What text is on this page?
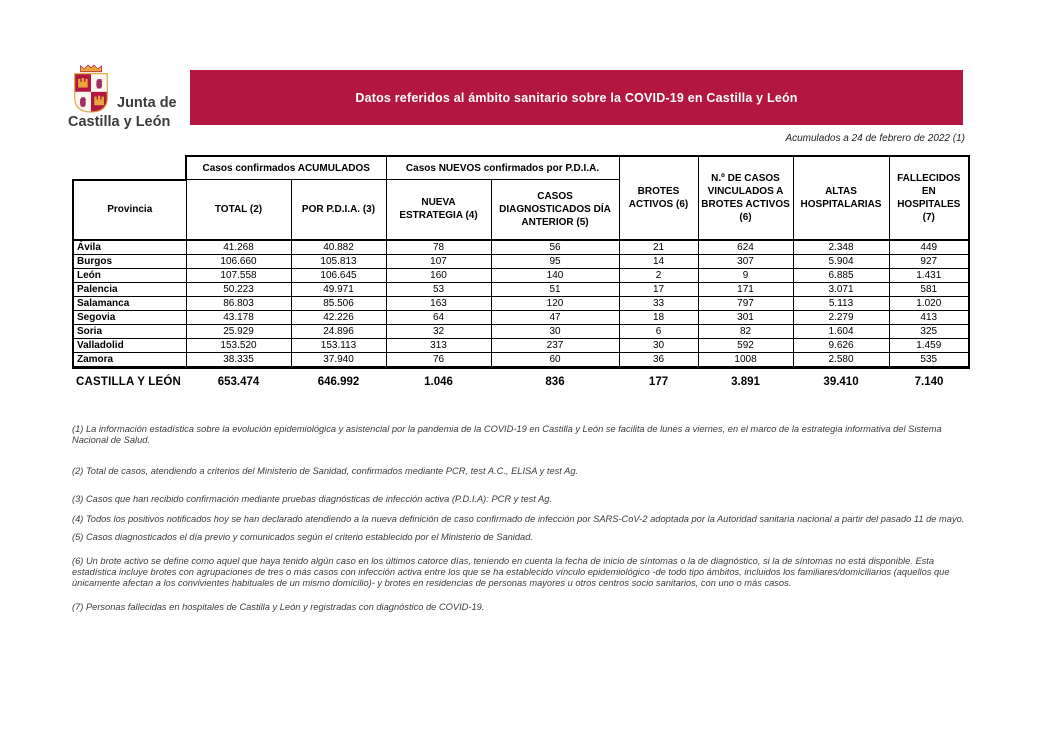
Junta de
Castilla y León
Datos referidos al ámbito sanitario sobre la COVID-19 en Castilla y León
Acumulados a 24 de febrero de 2022 (1)
	Casos confirmados ACUMULADOS		Casos NUEVOS confirmados por P.D.I.A.		BROTES ACTIVOS (6)	N.º DE CASOS VINCULADOS A BROTES ACTIVOS (6)	ALTAS HOSPITALARIAS	FALLECIDOS EN HOSPITALES (7)
Provincia	TOTAL (2)	POR P.D.I.A. (3)	NUEVA ESTRATEGIA (4)	CASOS DIAGNOSTICADOS DÍA ANTERIOR (5)				
Ávila	41.268	40.882	78	56	21	624	2.348	449
Burgos	106.660	105.813	107	95	14	307	5.904	927
León	107.558	106.645	160	140	2	9	6.885	1.431
Palencia	50.223	49.971	53	51	17	171	3.071	581
Salamanca	86.803	85.506	163	120	33	797	5.113	1.020
Segovia	43.178	42.226	64	47	18	301	2.279	413
Soria	25.929	24.896	32	30	6	82	1.604	325
Valladolid	153.520	153.113	313	237	30	592	9.626	1.459
Zamora	38.335	37.940	76	60	36	1008	2.580	535
CASTILLA Y LEÓN	653.474	646.992	1.046	836	177	3.891	39.410	7.140

(1) La información estadística sobre la evolución epidemiológica y asistencial por la pandemia de la COVID-19 en Castilla y León se facilita de lunes a viernes, en el marco de la estrategia informativa del Sistema Nacional de Salud.

(2) Total de casos, atendiendo a criterios del Ministerio de Sanidad, confirmados mediante PCR, test A.C., ELISA y test Ag.

(3) Casos que han recibido confirmación mediante pruebas diagnósticas de infección activa (P.D.I.A): PCR y test Ag.

(4) Todos los positivos notificados hoy se han declarado atendiendo a la nueva definición de caso confirmado de infección por SARS-CoV-2 adoptada por la Autoridad sanitaria nacional a partir del pasado 11 de mayo.

(5) Casos diagnosticados el día previo y comunicados según el criterio establecido por el Ministerio de Sanidad.

(6) Un brote activo se define como aquel que haya tenido algún caso en los últimos catorce días, teniendo en cuenta la fecha de inicio de síntomas o la de diagnóstico, si la de síntomas no está disponible. Esta estadística incluye brotes con agrupaciones de tres o más casos con infección activa entre los que se ha establecido vínculo epidemiológico -de todo tipo ámbitos, incluidos los familiares/domiciliarios (aquellos que únicamente afectan a los convivientes habituales de un mismo domicilio)- y brotes en residencias de personas mayores u otros centros socio sanitarios, con uno o más casos.

(7) Personas fallecidas en hospitales de Castilla y León y registradas con diagnóstico de COVID-19.
